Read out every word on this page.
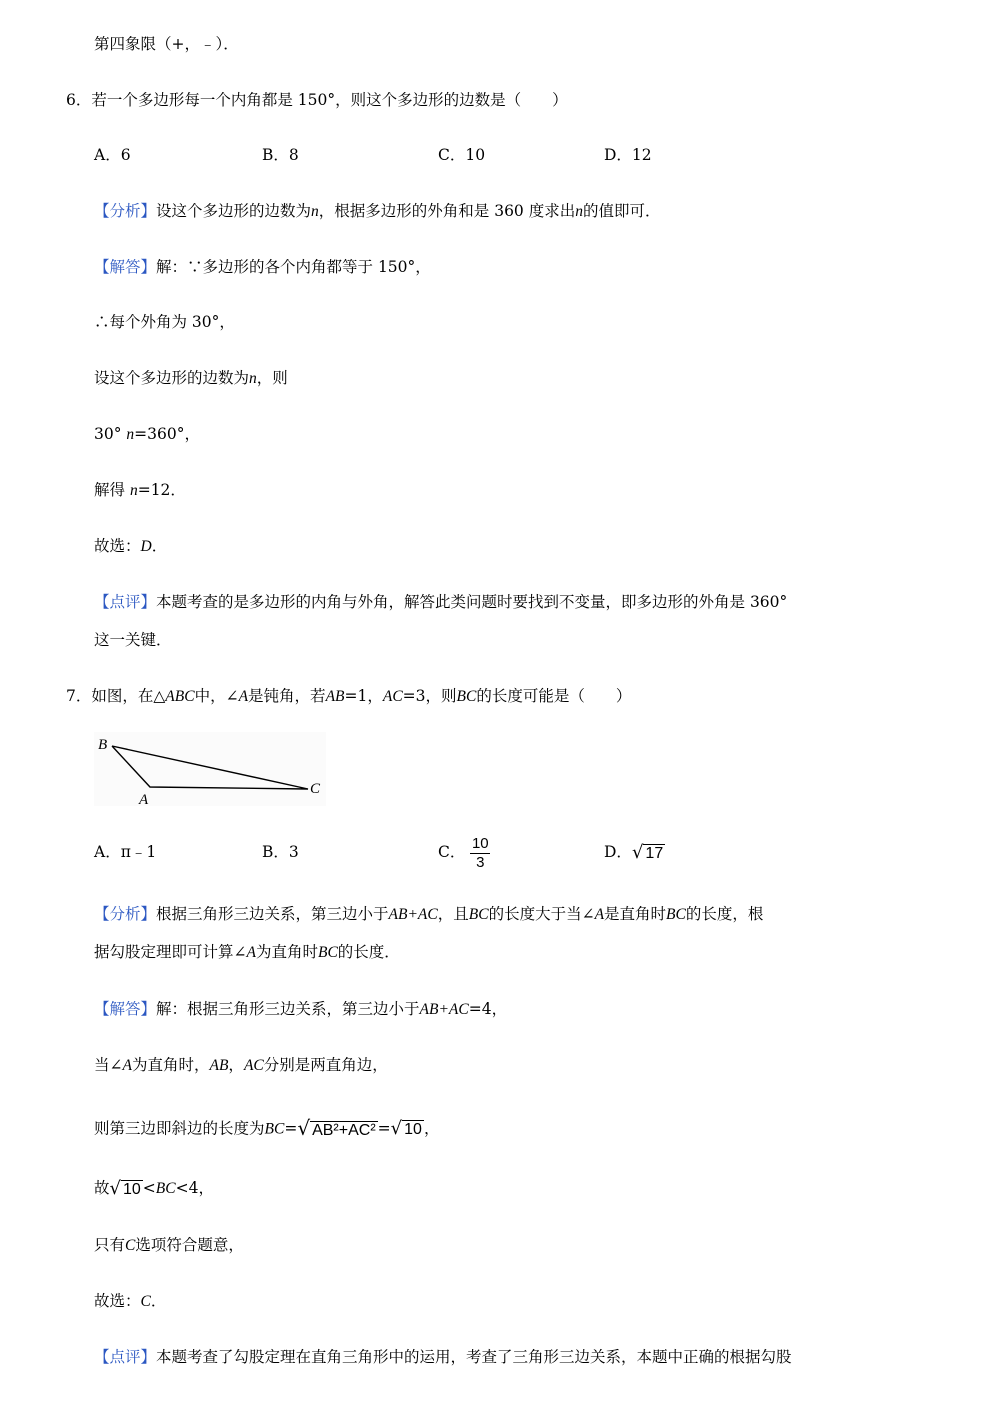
第四象限（+，﹣）．
6．若一个多边形每一个内角都是 150°，则这个多边形的边数是（　　）
A．6	B．8	C．10	D．12
【分析】设这个多边形的边数为n，根据多边形的外角和是 360 度求出n的值即可．
【解答】解：∵多边形的各个内角都等于 150°，
∴每个外角为 30°，
设这个多边形的边数为n，则
30° n=360°，
解得 n=12．
故选：D．
【点评】本题考查的是多边形的内角与外角，解答此类问题时要找到不变量，即多边形的外角是 360°
这一关键．
7．如图，在△ABC中，∠A是钝角，若AB=1，AC=3，则BC的长度可能是（　　）
B
A
C
A．π﹣1	B．3	C． $\frac{10}{3}$	D．√ 17
【分析】根据三角形三边关系，第三边小于AB+AC，且BC的长度大于当∠A是直角时BC的长度，根
据勾股定理即可计算∠A为直角时BC的长度．
【解答】解：根据三角形三边关系，第三边小于AB+AC=4，
当∠A为直角时，AB，AC分别是两直角边，
则第三边即斜边的长度为BC=√ AB²+AC² =√ 10 ，
故√ 10 <BC<4，
只有C选项符合题意，
故选：C．
【点评】本题考查了勾股定理在直角三角形中的运用，考查了三角形三边关系，本题中正确的根据勾股
